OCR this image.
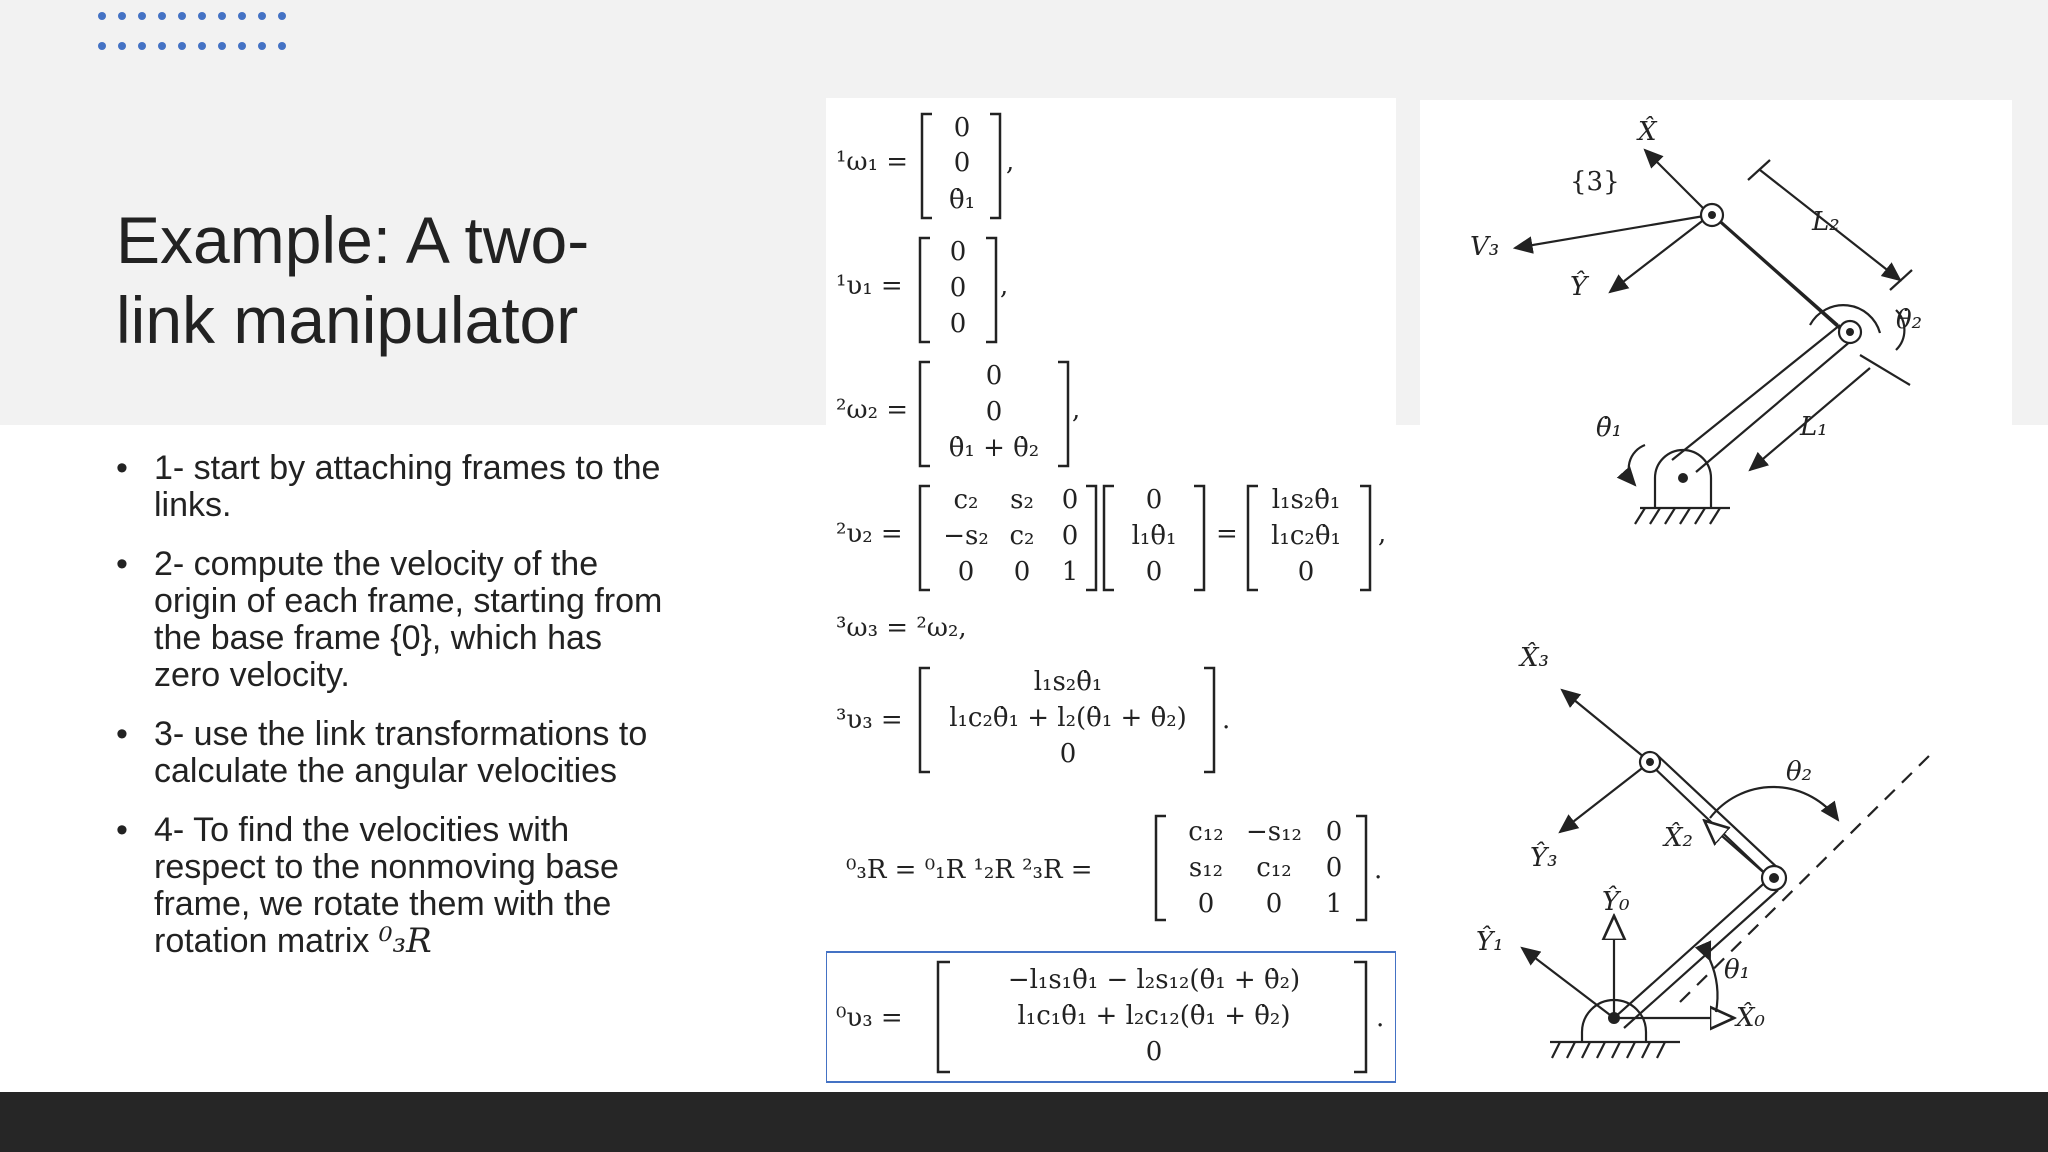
Example: A two-
link manipulator
• 1- start by attaching frames to the links.
• 2- compute the velocity of the origin of each frame, starting from the base frame {0}, which has zero velocity.
• 3- use the link transformations to calculate the angular velocities
• 4- To find the velocities with respect to the nonmoving base frame, we rotate them with the rotation matrix ⁰₃R
¹ω₁ =
0
0
θ̇₁
,
¹υ₁ =
0
0
0
,
²ω₂ =
0
0
θ̇₁ + θ̇₂
,
²υ₂ =
c₂ s₂ 0
−s₂ c₂ 0
0 0 1
0
l₁θ̇₁
0
=
l₁s₂θ̇₁
l₁c₂θ̇₁
0
,
³ω₃ = ²ω₂,
³υ₃ =
l₁s₂θ̇₁
l₁c₂θ̇₁ + l₂(θ̇₁ + θ̇₂)
0
.
⁰₃R = ⁰₁R ¹₂R ²₃R =
c₁₂ −s₁₂ 0
s₁₂ c₁₂ 0
0 0 1
.
⁰υ₃ =
−l₁s₁θ̇₁ − l₂s₁₂(θ̇₁ + θ̇₂)
l₁c₁θ̇₁ + l₂c₁₂(θ̇₁ + θ̇₂)
0
.
X̂
Ŷ
{3}
V₃
L₂
L₁
θ̇₁
θ̇₂
X̂₃
Ŷ₃
X̂₂
θ₂
Ŷ₀
Ŷ₁
θ₁
X̂₀
